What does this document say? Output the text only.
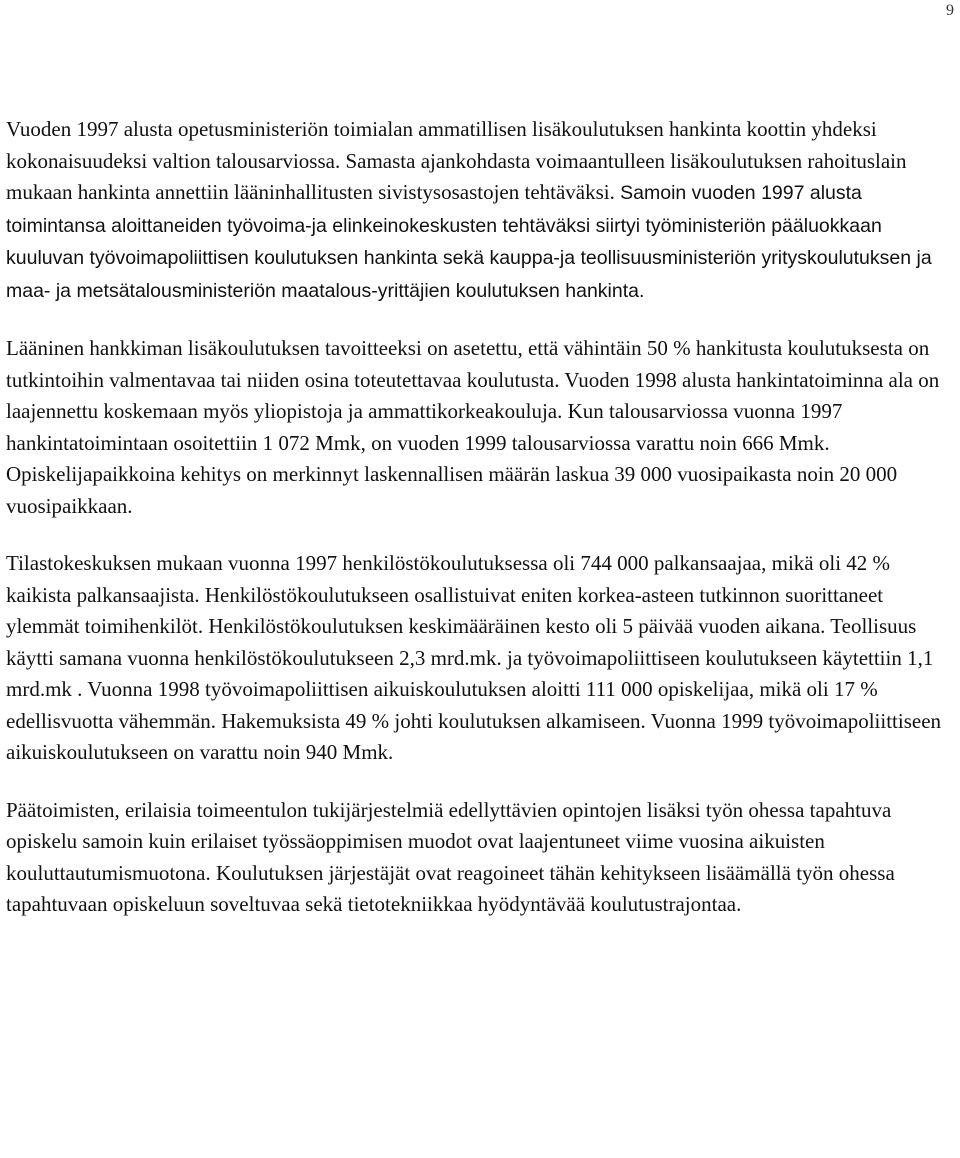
9

Vuoden 1997 alusta opetusministeriön toimialan ammatillisen lisäkoulutuksen hankinta koottin yhdeksi kokonaisuudeksi valtion talousarviossa. Samasta ajankohdasta voimaantulleen lisäkoulutuksen rahoituslain mukaan hankinta annettiin lääninhallitusten sivistysosastojen tehtäväksi. Samoin vuoden 1997 alusta toimintansa aloittaneiden työvoima-ja elinkeinokeskusten tehtäväksi siirtyi työministeriön pääluokkaan kuuluvan työvoimapoliittisen koulutuksen hankinta sekä kauppa-ja teollisuusministeriön yrityskoulutuksen ja maa- ja metsätalousministeriön maatalous-yrittäjien koulutuksen hankinta.

Lääninen hankkiman lisäkoulutuksen tavoitteeksi on asetettu, että vähintäin 50 % hankitusta koulutuksesta on tutkintoihin valmentavaa tai niiden osina toteutettavaa koulutusta. Vuoden 1998 alusta hankintatoiminna ala on laajennettu koskemaan myös yliopistoja ja ammattikorkeakouluja. Kun talousarviossa vuonna 1997 hankintatoimintaan osoitettiin 1 072 Mmk, on vuoden 1999 talousarviossa varattu noin 666 Mmk. Opiskelijapaikkoina kehitys on merkinnyt laskennallisen määrän laskua 39 000 vuosipaikasta noin 20 000 vuosipaikkaan.

Tilastokeskuksen mukaan vuonna 1997 henkilöstökoulutuksessa oli 744 000 palkansaajaa, mikä oli 42 % kaikista palkansaajista. Henkilöstökoulutukseen osallistuivat eniten korkea-asteen tutkinnon suorittaneet ylemmät toimihenkilöt. Henkilöstökoulutuksen keskimääräinen kesto oli 5 päivää vuoden aikana. Teollisuus käytti samana vuonna henkilöstökoulutukseen 2,3 mrd.mk. ja työvoimapoliittiseen koulutukseen käytettiin 1,1 mrd.mk . Vuonna 1998 työvoimapoliittisen aikuiskoulutuksen aloitti 111 000 opiskelijaa, mikä oli 17 % edellisvuotta vähemmän. Hakemuksista 49 % johti koulutuksen alkamiseen. Vuonna 1999 työvoimapoliittiseen aikuiskoulutukseen on varattu noin 940 Mmk.

Päätoimisten, erilaisia toimeentulon tukijärjestelmiä edellyttävien opintojen lisäksi työn ohessa tapahtuva opiskelu samoin kuin erilaiset työssäoppimisen muodot ovat laajentuneet viime vuosina aikuisten kouluttautumismuotona. Koulutuksen järjestäjät ovat reagoineet tähän kehitykseen lisäämällä työn ohessa tapahtuvaan opiskeluun soveltuvaa sekä tietotekniikkaa hyödyntävää koulutustrajontaa.
